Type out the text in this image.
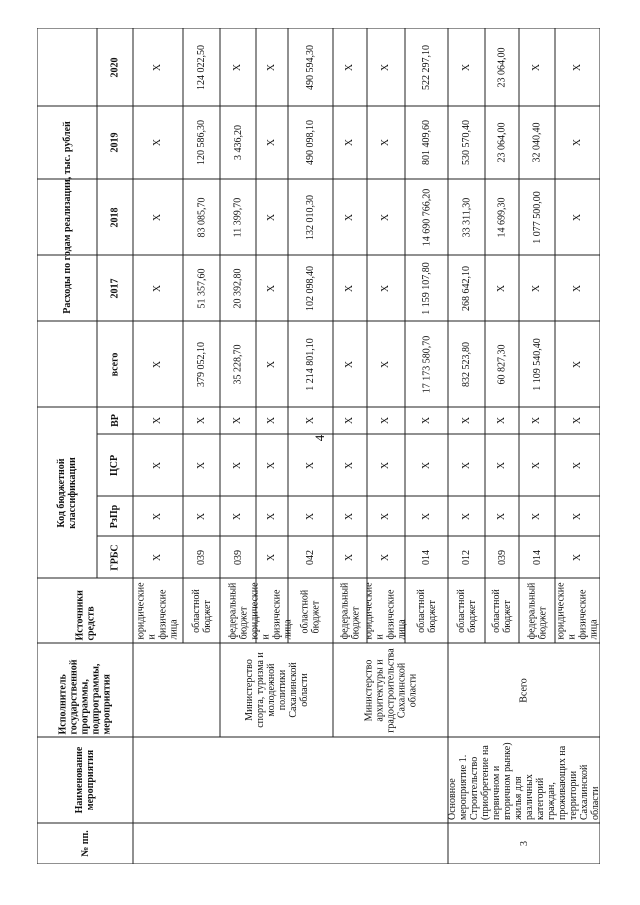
4
Расходы по годам реализации, тыс. рублей
Код бюджетной классификации
2020
2019
2018
2017
всего
ВР
ЦСР
РзПр
ГРБС
Источники средств
Исполнитель государственной программы, подпрограммы, мероприятия
Наименование мероприятия
№ пп.
юридические и физические лица
X
X
X
X
X
X
X
X
X
областной бюджет
039
X
X
X
379 052,10
51 357,60
83 085,70
120 586,30
124 022,50
федеральный бюджет
039
X
X
X
35 228,70
20 392,80
11 399,70
3 436,20
X
юридические и физические лица
X
X
X
X
X
X
X
X
X
областной бюджет
042
X
X
X
1 214 801,10
102 098,40
132 010,30
490 098,10
490 594,30
федеральный бюджет
X
X
X
X
X
X
X
X
X
юридические и физические лица
X
X
X
X
X
X
X
X
X
областной бюджет
014
X
X
X
17 173 580,70
1 159 107,80
14 690 766,20
801 409,60
522 297,10
областной бюджет
012
X
X
X
832 523,80
268 642,10
33 311,30
530 570,40
X
областной бюджет
039
X
X
X
60 827,30
X
14 699,30
23 064,00
23 064,00
федеральный бюджет
014
X
X
X
1 109 540,40
X
1 077 500,00
32 040,40
X
юридические и физические лица
X
X
X
X
X
X
X
X
X
Министерство спорта, туризма и молодежной политики Сахалинской области	Министерство архитектуры и градостроительства Сахалинской области	Всего
Основное мероприятие 1. Строительство (приобретение на первичном и вторичном рынке) жилья для различных категорий граждан, проживающих на территории Сахалинской области
3
